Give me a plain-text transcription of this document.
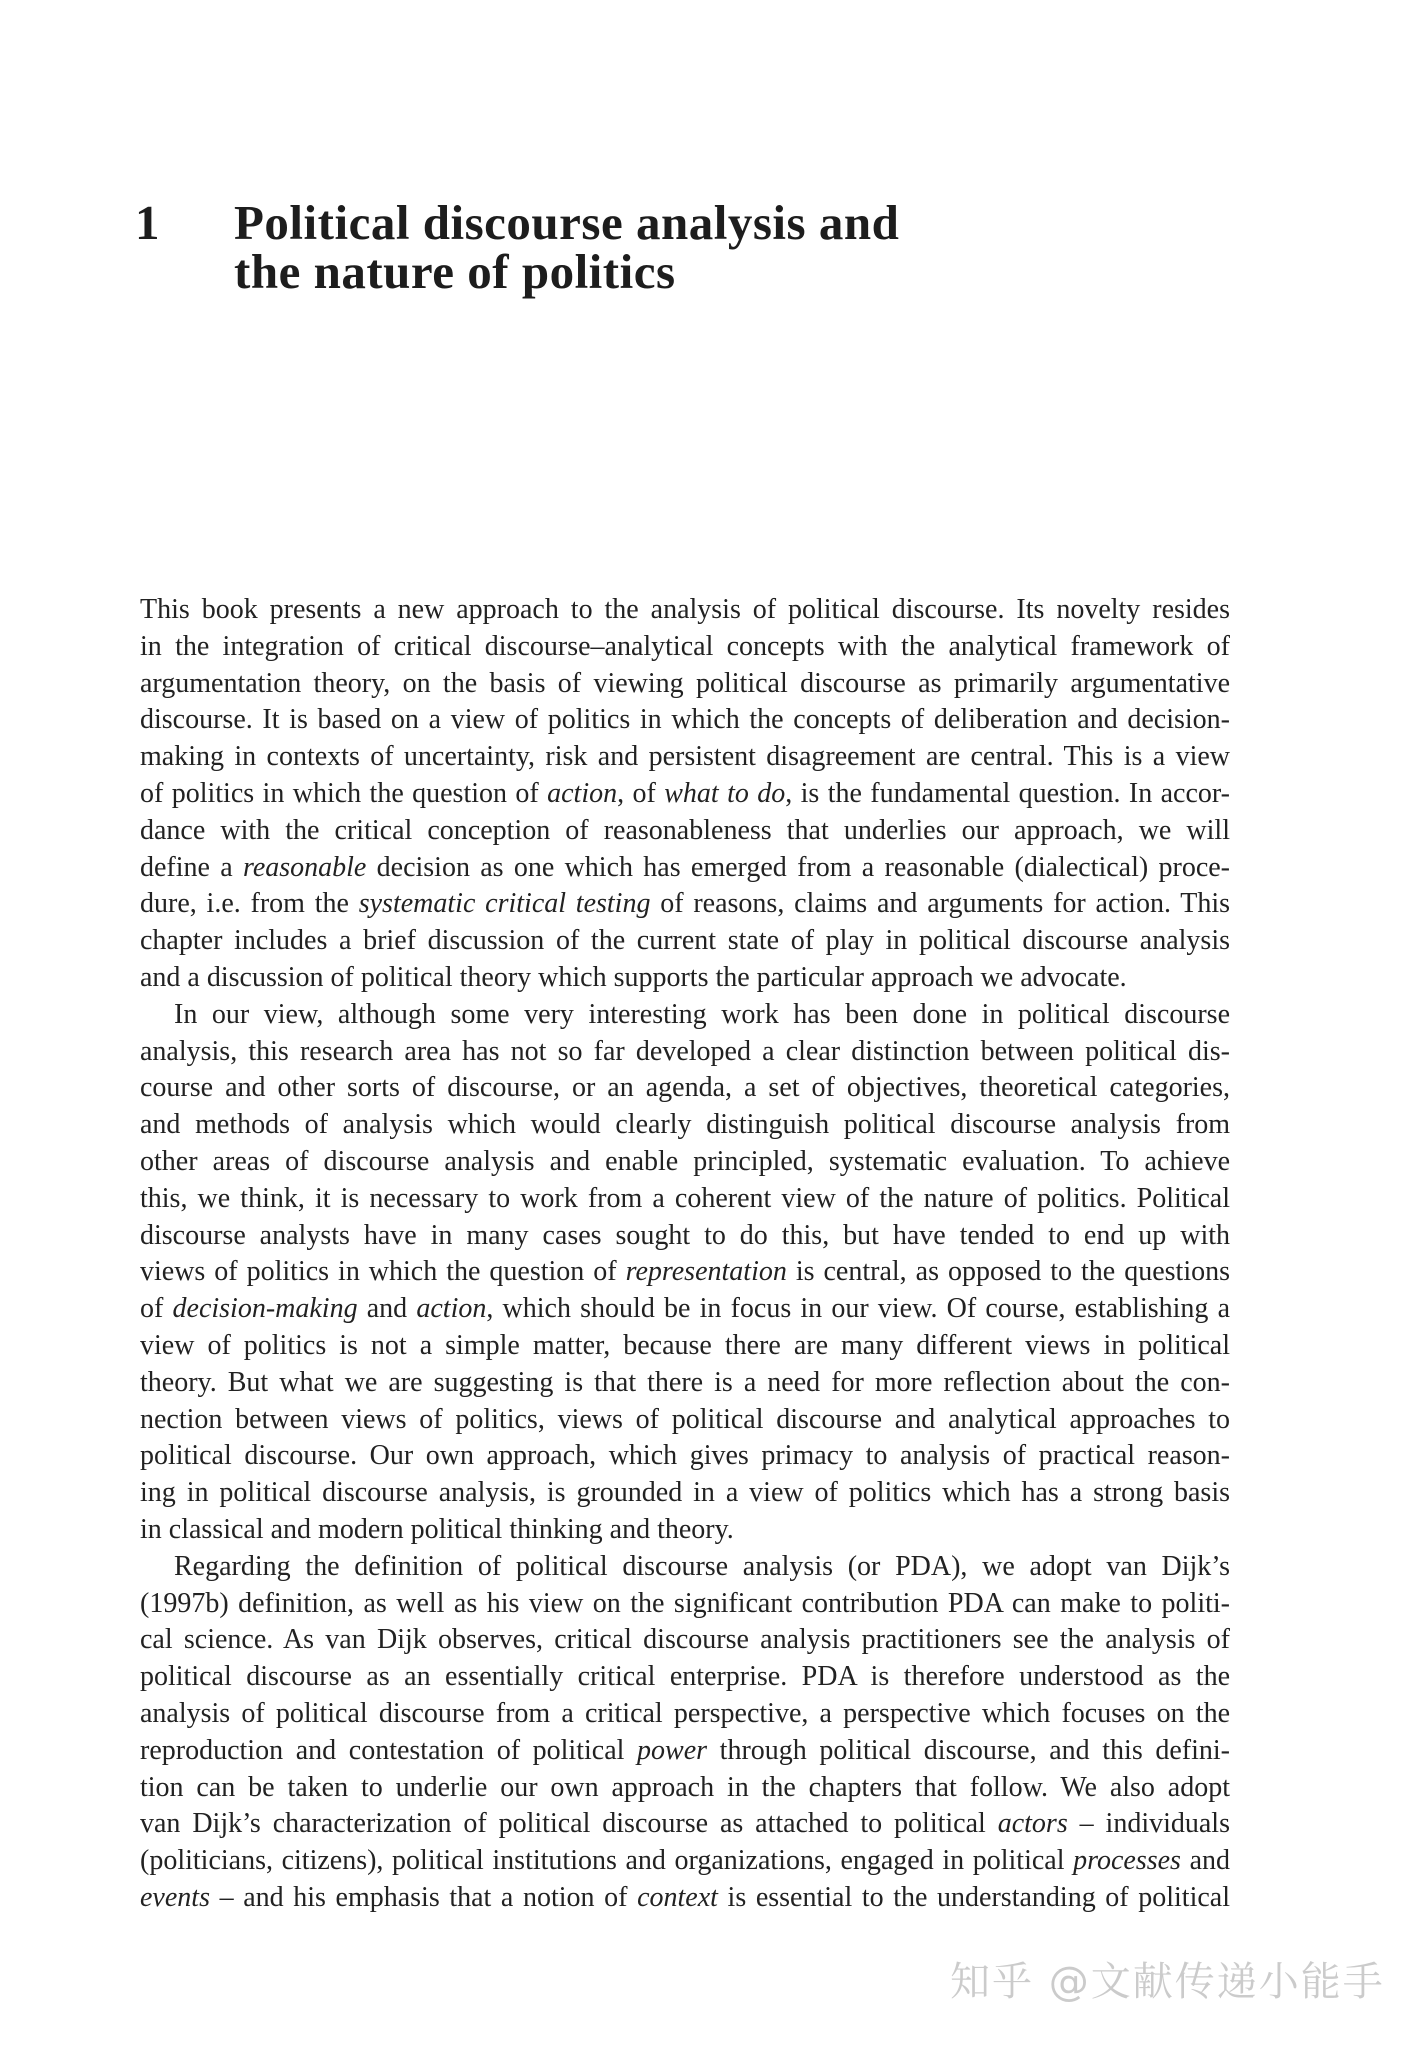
1	Political discourse analysis and
the nature of politics
This book presents a new approach to the analysis of political discourse. Its novelty resides
in the integration of critical discourse–analytical concepts with the analytical framework of
argumentation theory, on the basis of viewing political discourse as primarily argumentative
discourse. It is based on a view of politics in which the concepts of deliberation and decision-
making in contexts of uncertainty, risk and persistent disagreement are central. This is a view
of politics in which the question of action, of what to do, is the fundamental question. In accor-
dance with the critical conception of reasonableness that underlies our approach, we will
define a reasonable decision as one which has emerged from a reasonable (dialectical) proce-
dure, i.e. from the systematic critical testing of reasons, claims and arguments for action. This
chapter includes a brief discussion of the current state of play in political discourse analysis
and a discussion of political theory which supports the particular approach we advocate.
In our view, although some very interesting work has been done in political discourse
analysis, this research area has not so far developed a clear distinction between political dis-
course and other sorts of discourse, or an agenda, a set of objectives, theoretical categories,
and methods of analysis which would clearly distinguish political discourse analysis from
other areas of discourse analysis and enable principled, systematic evaluation. To achieve
this, we think, it is necessary to work from a coherent view of the nature of politics. Political
discourse analysts have in many cases sought to do this, but have tended to end up with
views of politics in which the question of representation is central, as opposed to the questions
of decision-making and action, which should be in focus in our view. Of course, establishing a
view of politics is not a simple matter, because there are many different views in political
theory. But what we are suggesting is that there is a need for more reflection about the con-
nection between views of politics, views of political discourse and analytical approaches to
political discourse. Our own approach, which gives primacy to analysis of practical reason-
ing in political discourse analysis, is grounded in a view of politics which has a strong basis
in classical and modern political thinking and theory.
Regarding the definition of political discourse analysis (or PDA), we adopt van Dijk’s
(1997b) definition, as well as his view on the significant contribution PDA can make to politi-
cal science. As van Dijk observes, critical discourse analysis practitioners see the analysis of
political discourse as an essentially critical enterprise. PDA is therefore understood as the
analysis of political discourse from a critical perspective, a perspective which focuses on the
reproduction and contestation of political power through political discourse, and this defini-
tion can be taken to underlie our own approach in the chapters that follow. We also adopt
van Dijk’s characterization of political discourse as attached to political actors – individuals
(politicians, citizens), political institutions and organizations, engaged in political processes and
events – and his emphasis that a notion of context is essential to the understanding of political
知乎 @文献传递小能手
